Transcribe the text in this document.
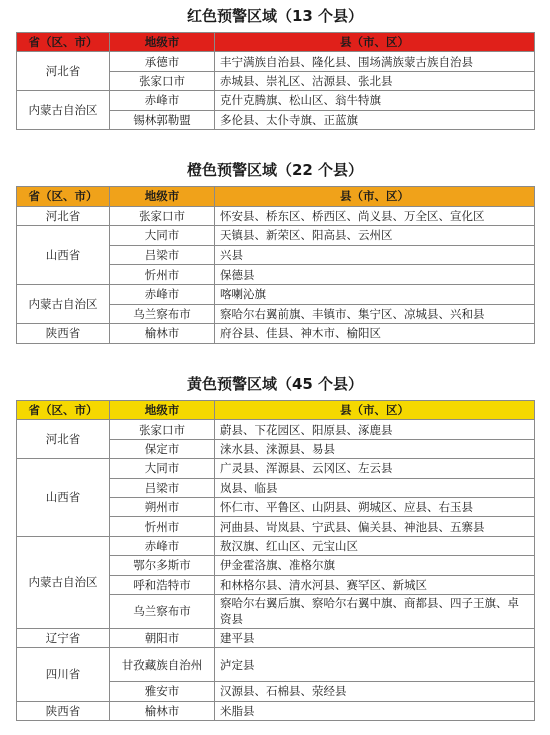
红色预警区域（13 个县）
省（区、市）	地级市	县（市、区）
河北省	承德市	丰宁满族自治县、隆化县、围场满族蒙古族自治县
	张家口市	赤城县、崇礼区、沽源县、张北县
内蒙古自治区	赤峰市	克什克腾旗、松山区、翁牛特旗
	锡林郭勒盟	多伦县、太仆寺旗、正蓝旗
橙色预警区域（22 个县）
省（区、市）	地级市	县（市、区）
河北省	张家口市	怀安县、桥东区、桥西区、尚义县、万全区、宣化区
山西省	大同市	天镇县、新荣区、阳高县、云州区
	吕梁市	兴县
	忻州市	保德县
内蒙古自治区	赤峰市	喀喇沁旗
	乌兰察布市	察哈尔右翼前旗、丰镇市、集宁区、凉城县、兴和县
陕西省	榆林市	府谷县、佳县、神木市、榆阳区
黄色预警区域（45 个县）
省（区、市）	地级市	县（市、区）
河北省	张家口市	蔚县、下花园区、阳原县、涿鹿县
	保定市	涞水县、涞源县、易县
山西省	大同市	广灵县、浑源县、云冈区、左云县
	吕梁市	岚县、临县
	朔州市	怀仁市、平鲁区、山阴县、朔城区、应县、右玉县
	忻州市	河曲县、岢岚县、宁武县、偏关县、神池县、五寨县
内蒙古自治区	赤峰市	敖汉旗、红山区、元宝山区
	鄂尔多斯市	伊金霍洛旗、准格尔旗
	呼和浩特市	和林格尔县、清水河县、赛罕区、新城区
	乌兰察布市	察哈尔右翼后旗、察哈尔右翼中旗、商都县、四子王旗、卓资县
辽宁省	朝阳市	建平县
四川省	甘孜藏族自治州	泸定县
	雅安市	汉源县、石棉县、荥经县
陕西省	榆林市	米脂县
